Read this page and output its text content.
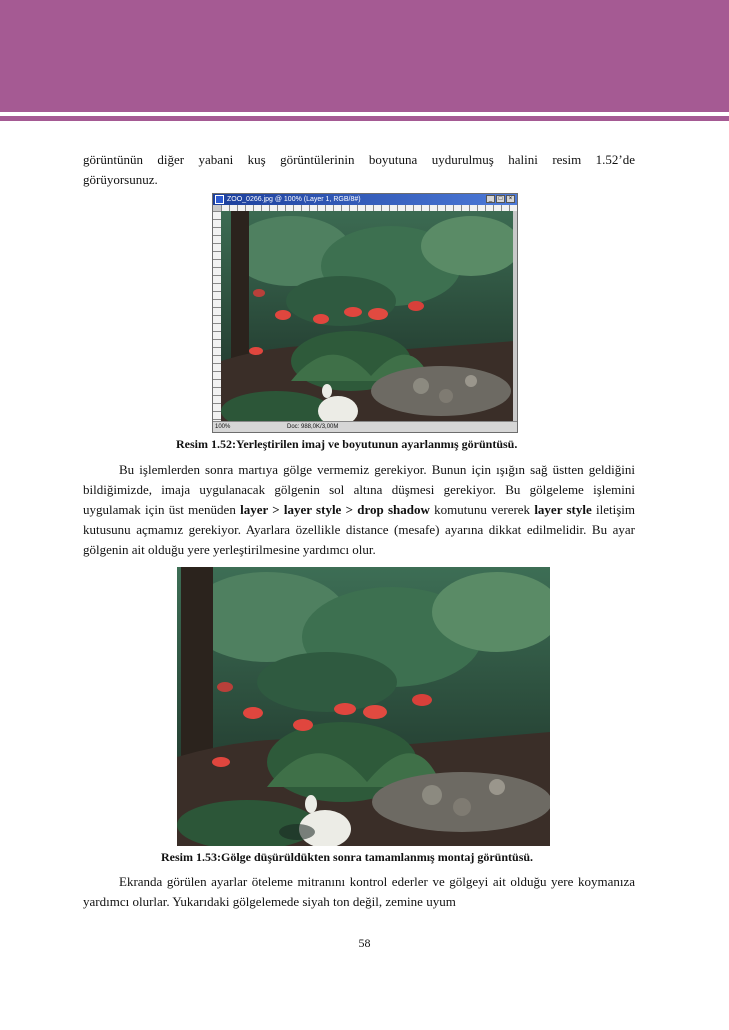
görüntünün diğer yabani kuş görüntülerinin boyutuna uydurulmuş halini resim 1.52’de

görüyorsunuz.

ZOO_0266.jpg @ 100% (Layer 1, RGB/8#)	_	□	×
100%	Doc: 988,0K/3,00M

Resim 1.52:Yerleştirilen imaj ve boyutunun ayarlanmış görüntüsü.

Bu işlemlerden sonra martıya gölge vermemiz gerekiyor. Bunun için ışığın sağ üstten geldiğini bildiğimizde, imaja uygulanacak gölgenin sol altına düşmesi gerekiyor. Bu gölgeleme işlemini uygulamak için üst menüden layer > layer style > drop shadow komutunu vererek layer style iletişim kutusunu açmamız gerekiyor. Ayarlara özellikle distance (mesafe) ayarına dikkat edilmelidir. Bu ayar gölgenin ait olduğu yere yerleştirilmesine yardımcı olur.

Resim 1.53:Gölge düşürüldükten sonra tamamlanmış montaj görüntüsü.

Ekranda görülen ayarlar öteleme mitranını kontrol ederler ve gölgeyi ait olduğu yere koymanıza yardımcı olurlar. Yukarıdaki gölgelemede siyah ton değil, zemine uyum

58
